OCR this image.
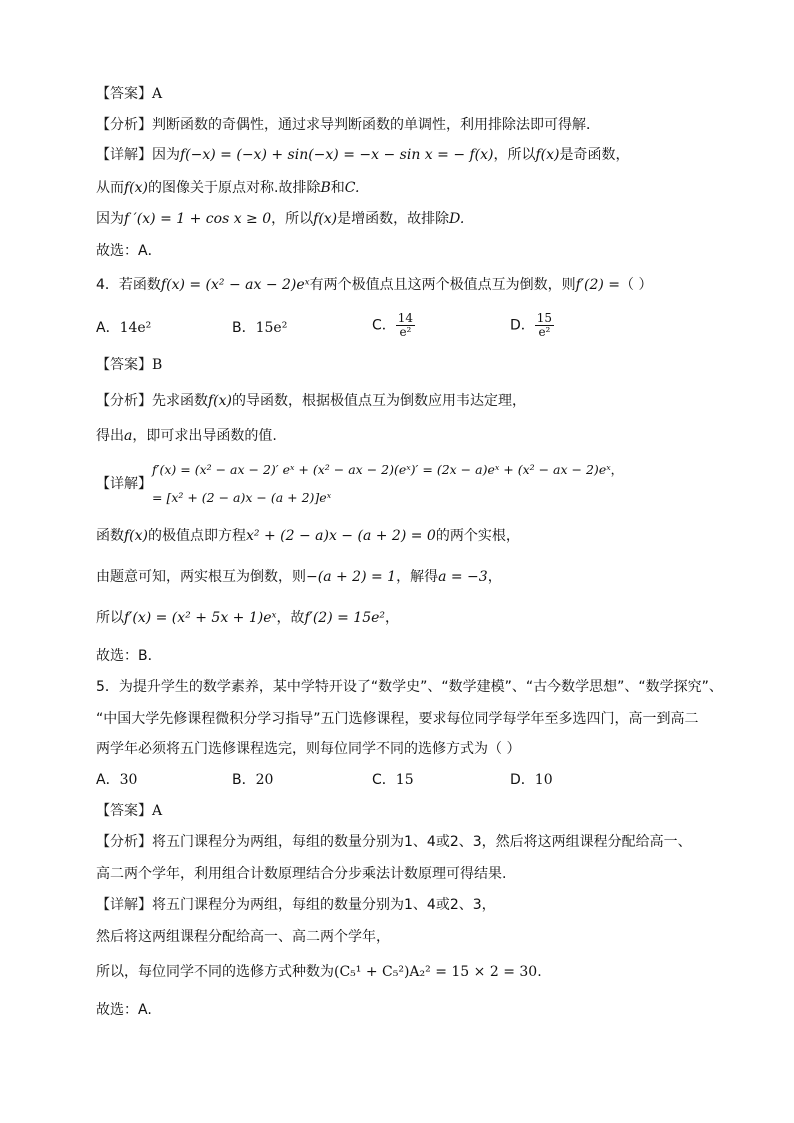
【答案】A
【分析】判断函数的奇偶性，通过求导判断函数的单调性，利用排除法即可得解．
【详解】因为f(−x) = (−x) + sin(−x) = −x − sin x = − f(x)，所以f(x)是奇函数，
从而f(x)的图像关于原点对称.故排除B和C.
因为f ′(x) = 1 + cos x ≥ 0，所以f(x)是增函数，故排除D.
故选：A．
4．若函数f(x) = (x² − ax − 2)eˣ有两个极值点且这两个极值点互为倒数，则f′(2) =（ ）
A．14e²	B．15e²	C． $\frac{14}{\text{e²}}$	D． $\frac{15}{\text{e²}}$
【答案】B
【分析】先求函数f(x)的导函数，根据极值点互为倒数应用韦达定理，
得出a，即可求出导函数的值.
【详解】
f′(x) = (x² − ax − 2)′ eˣ + (x² − ax − 2)(eˣ)′ = (2x − a)eˣ + (x² − ax − 2)eˣ，
= [x² + (2 − a)x − (a + 2)]eˣ
函数f(x)的极值点即方程x² + (2 − a)x − (a + 2) = 0的两个实根，
由题意可知，两实根互为倒数，则−(a + 2) = 1，解得a = −3，
所以f′(x) = (x² + 5x + 1)eˣ，故f′(2) = 15e²，
故选：B．
5．为提升学生的数学素养，某中学特开设了“数学史”、“数学建模”、“古今数学思想”、“数学探究”、
“中国大学先修课程微积分学习指导”五门选修课程，要求每位同学每学年至多选四门，高一到高二
两学年必须将五门选修课程选完，则每位同学不同的选修方式为（ ）
A．30	B．20	C．15	D．10
【答案】A
【分析】将五门课程分为两组，每组的数量分别为1、4或2、3，然后将这两组课程分配给高一、
高二两个学年，利用组合计数原理结合分步乘法计数原理可得结果.
【详解】将五门课程分为两组，每组的数量分别为1、4或2、3，
然后将这两组课程分配给高一、高二两个学年，
所以，每位同学不同的选修方式种数为(C₅¹ + C₅²)A₂² = 15 × 2 = 30.
故选：A.
